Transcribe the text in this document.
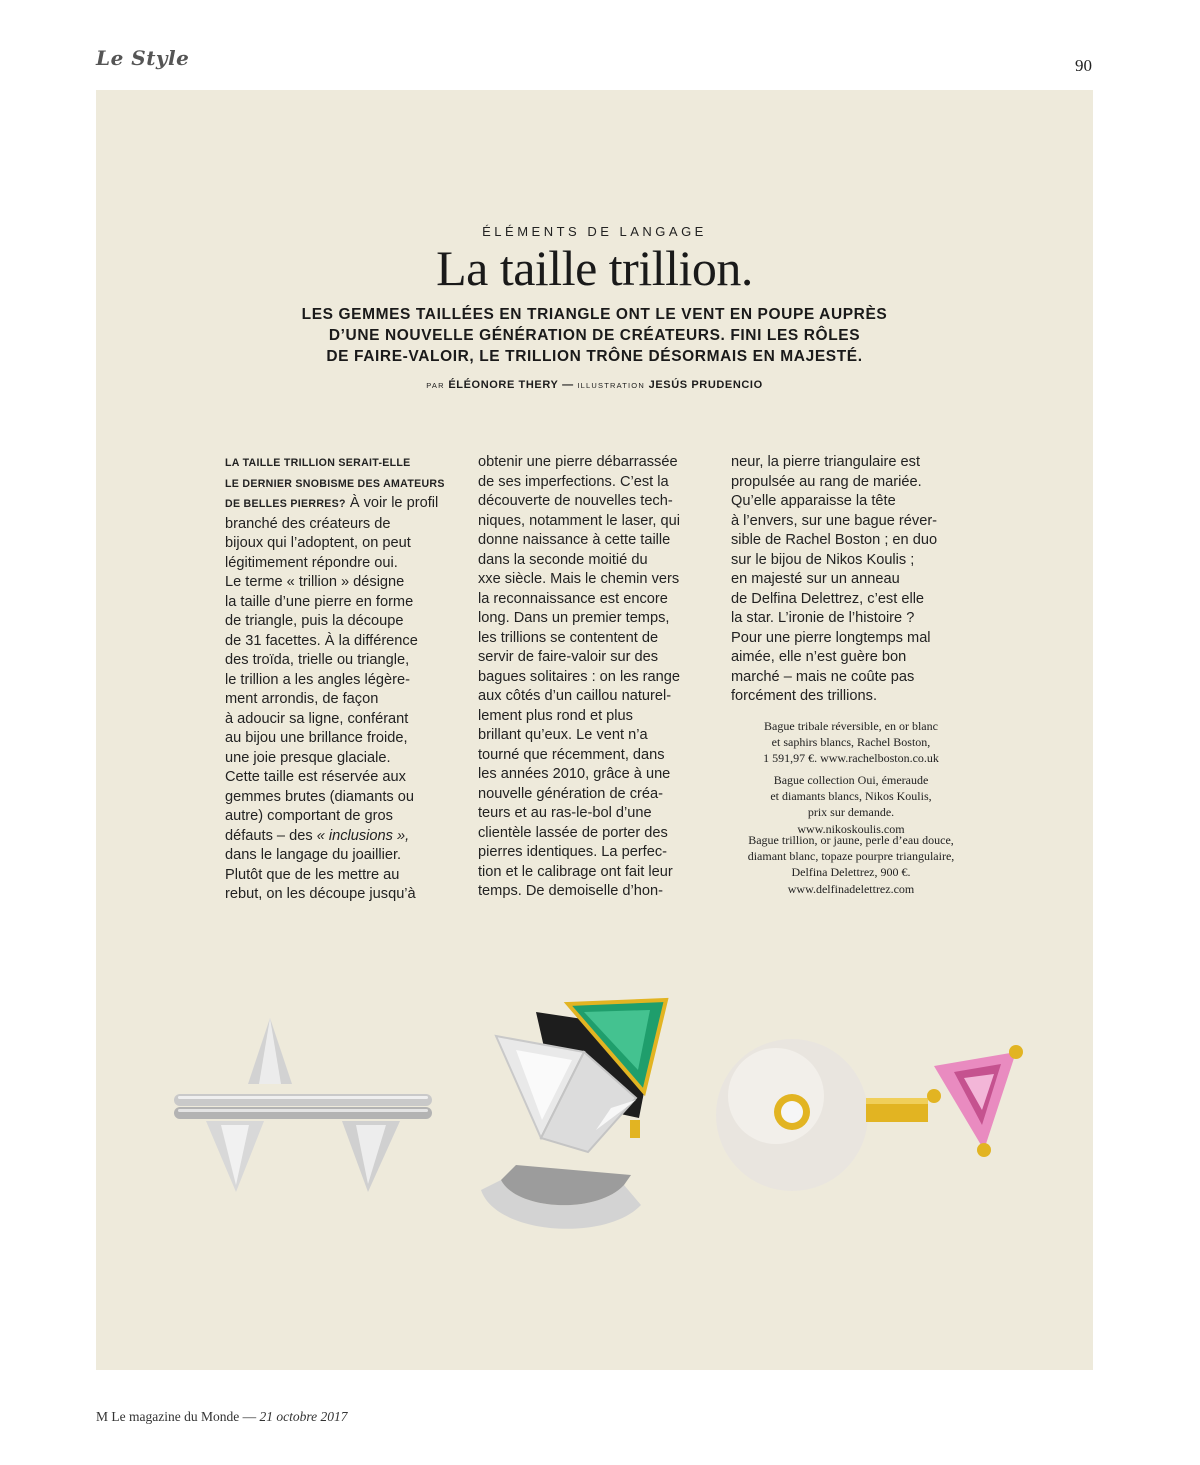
Le Style	90
ÉLÉMENTS DE LANGAGE
La taille trillion.

LES GEMMES TAILLÉES EN TRIANGLE ONT LE VENT EN POUPE AUPRÈS
D’UNE NOUVELLE GÉNÉRATION DE CRÉATEURS. FINI LES RÔLES
DE FAIRE-VALOIR, LE TRILLION TRÔNE DÉSORMAIS EN MAJESTÉ.

PAR ÉLÉONORE THERY — ILLUSTRATION JESÚS PRUDENCIO

LA TAILLE TRILLION SERAIT-ELLE
LE DERNIER SNOBISME DES AMATEURS
DE BELLES PIERRES? À voir le profil
branché des créateurs de
bijoux qui l’adoptent, on peut
légitimement répondre oui.
Le terme « trillion » désigne
la taille d’une pierre en forme
de triangle, puis la découpe
de 31 facettes. À la différence
des troïda, trielle ou triangle,
le trillion a les angles légère-
ment arrondis, de façon
à adoucir sa ligne, conférant
au bijou une brillance froide,
une joie presque glaciale.
Cette taille est réservée aux
gemmes brutes (diamants ou
autre) comportant de gros
défauts – des « inclusions »,
dans le langage du joaillier.
Plutôt que de les mettre au
rebut, on les découpe jusqu’à

obtenir une pierre débarrassée
de ses imperfections. C’est la
découverte de nouvelles tech-
niques, notamment le laser, qui
donne naissance à cette taille
dans la seconde moitié du
xxe siècle. Mais le chemin vers
la reconnaissance est encore
long. Dans un premier temps,
les trillions se contentent de
servir de faire-valoir sur des
bagues solitaires : on les range
aux côtés d’un caillou naturel-
lement plus rond et plus
brillant qu’eux. Le vent n’a
tourné que récemment, dans
les années 2010, grâce à une
nouvelle génération de créa-
teurs et au ras-le-bol d’une
clientèle lassée de porter des
pierres identiques. La perfec-
tion et le calibrage ont fait leur
temps. De demoiselle d’hon-

neur, la pierre triangulaire est
propulsée au rang de mariée.
Qu’elle apparaisse la tête
à l’envers, sur une bague réver-
sible de Rachel Boston ; en duo
sur le bijou de Nikos Koulis ;
en majesté sur un anneau
de Delfina Delettrez, c’est elle
la star. L’ironie de l’histoire ?
Pour une pierre longtemps mal
aimée, elle n’est guère bon
marché – mais ne coûte pas
forcément des trillions.

Bague tribale réversible, en or blanc
et saphirs blancs, Rachel Boston,
1 591,97 €. www.rachelboston.co.uk

Bague collection Oui, émeraude
et diamants blancs, Nikos Koulis,
prix sur demande.
www.nikoskoulis.com

Bague trillion, or jaune, perle d’eau douce,
diamant blanc, topaze pourpre triangulaire,
Delfina Delettrez, 900 €.
www.delfinadelettrez.com

M Le magazine du Monde — 21 octobre 2017
